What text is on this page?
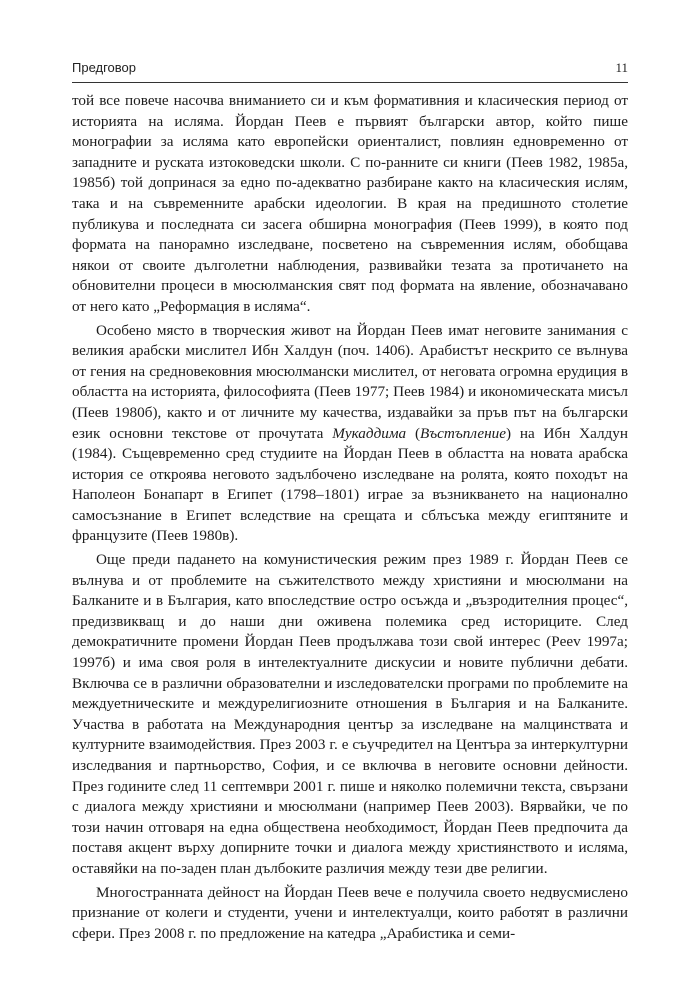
Предговор	11

той все повече насочва вниманието си и към формативния и класическия период от историята на исляма. Йордан Пеев е първият български автор, който пише монографии за исляма като европейски ориенталист, повлиян едновременно от западните и руската изтоковедски школи. С по-ранните си книги (Пеев 1982, 1985а, 1985б) той допринася за едно по-адекватно разбиране както на класическия ислям, така и на съвременните арабски идеологии. В края на предишното столетие публикува и последната си засега обширна монография (Пеев 1999), в която под формата на панорамно изследване, посветено на съвременния ислям, обобщава някои от своите дълголетни наблюдения, развивайки тезата за протичането на обновителни процеси в мюсюлманския свят под формата на явление, обозначавано от него като „Реформация в исляма“.

Особено място в творческия живот на Йордан Пеев имат неговите занимания с великия арабски мислител Ибн Халдун (поч. 1406). Арабистът нескрито се вълнува от гения на средновековния мюсюлмански мислител, от неговата огромна ерудиция в областта на историята, философията (Пеев 1977; Пеев 1984) и икономическата мисъл (Пеев 1980б), както и от личните му качества, издавайки за пръв път на български език основни текстове от прочутата Мукаддима (Въстъпление) на Ибн Халдун (1984). Същевременно сред студиите на Йордан Пеев в областта на новата арабска история се откроява неговото задълбочено изследване на ролята, която походът на Наполеон Бонапарт в Египет (1798–1801) играе за възникването на национално самосъзнание в Египет вследствие на срещата и сблъсъка между египтяните и французите (Пеев 1980в).

Още преди падането на комунистическия режим през 1989 г. Йордан Пеев се вълнува и от проблемите на съжителството между християни и мюсюлмани на Балканите и в България, като впоследствие остро осъжда и „възродителния процес“, предизвикващ и до наши дни оживена полемика сред историците. След демократичните промени Йордан Пеев продължава този свой интерес (Peev 1997а; 1997б) и има своя роля в интелектуалните дискусии и новите публични дебати. Включва се в различни образователни и изследователски програми по проблемите на междуетническите и междурелигиозните отношения в България и на Балканите. Участва в работата на Международния център за изследване на малцинствата и културните взаимодействия. През 2003 г. е съучредител на Центъра за интеркултурни изследвания и партньорство, София, и се включва в неговите основни дейности. През годините след 11 септември 2001 г. пише и няколко полемични текста, свързани с диалога между християни и мюсюлмани (например Пеев 2003). Вярвайки, че по този начин отговаря на една обществена необходимост, Йордан Пеев предпочита да поставя акцент върху допирните точки и диалога между християнството и исляма, оставяйки на по-заден план дълбоките различия между тези две религии.

Многостранната дейност на Йордан Пеев вече е получила своето недвусмислено признание от колеги и студенти, учени и интелектуалци, които работят в различни сфери. През 2008 г. по предложение на катедра „Арабистика и семи-
